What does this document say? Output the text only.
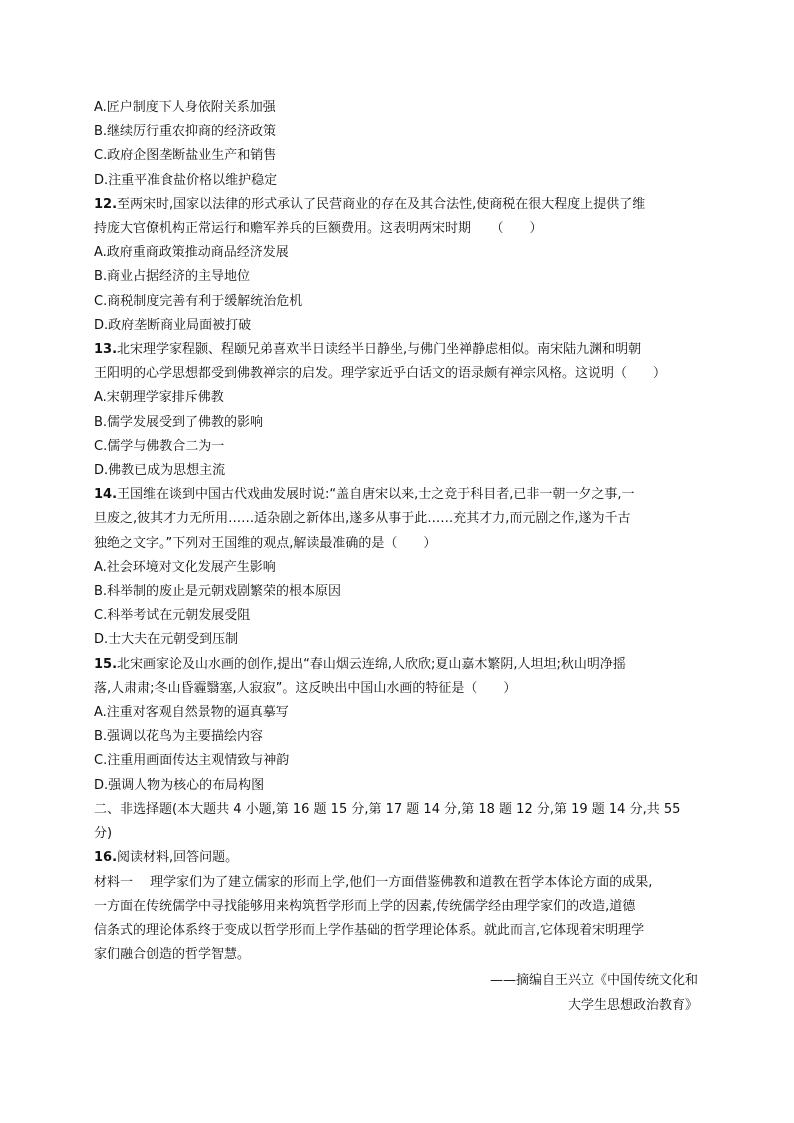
A.匠户制度下人身依附关系加强
B.继续厉行重农抑商的经济政策
C.政府企图垄断盐业生产和销售
D.注重平准食盐价格以维护稳定
12.至两宋时,国家以法律的形式承认了民营商业的存在及其合法性,使商税在很大程度上提供了维
持庞大官僚机构正常运行和赡军养兵的巨额费用。这表明两宋时期　　（　　）
A.政府重商政策推动商品经济发展
B.商业占据经济的主导地位
C.商税制度完善有利于缓解统治危机
D.政府垄断商业局面被打破
13.北宋理学家程颢、程颐兄弟喜欢半日读经半日静坐,与佛门坐禅静虑相似。南宋陆九渊和明朝
王阳明的心学思想都受到佛教禅宗的启发。理学家近乎白话文的语录颇有禅宗风格。这说明（　　）
A.宋朝理学家排斥佛教
B.儒学发展受到了佛教的影响
C.儒学与佛教合二为一
D.佛教已成为思想主流
14.王国维在谈到中国古代戏曲发展时说:“盖自唐宋以来,士之竞于科目者,已非一朝一夕之事,一
旦废之,彼其才力无所用……适杂剧之新体出,遂多从事于此……充其才力,而元剧之作,遂为千古
独绝之文字。”下列对王国维的观点,解读最准确的是（　　）
A.社会环境对文化发展产生影响
B.科举制的废止是元朝戏剧繁荣的根本原因
C.科举考试在元朝发展受阻
D.士大夫在元朝受到压制
15.北宋画家论及山水画的创作,提出“春山烟云连绵,人欣欣;夏山嘉木繁阴,人坦坦;秋山明净摇
落,人肃肃;冬山昏霾翳塞,人寂寂”。这反映出中国山水画的特征是（　　）
A.注重对客观自然景物的逼真摹写
B.强调以花鸟为主要描绘内容
C.注重用画面传达主观情致与神韵
D.强调人物为核心的布局构图
二、非选择题(本大题共 4 小题,第 16 题 15 分,第 17 题 14 分,第 18 题 12 分,第 19 题 14 分,共 55
分)
16.阅读材料,回答问题。
材料一　 理学家们为了建立儒家的形而上学,他们一方面借鉴佛教和道教在哲学本体论方面的成果,
一方面在传统儒学中寻找能够用来构筑哲学形而上学的因素,传统儒学经由理学家们的改造,道德
信条式的理论体系终于变成以哲学形而上学作基础的哲学理论体系。就此而言,它体现着宋明理学
家们融合创造的哲学智慧。
——摘编自王兴立《中国传统文化和
大学生思想政治教育》
